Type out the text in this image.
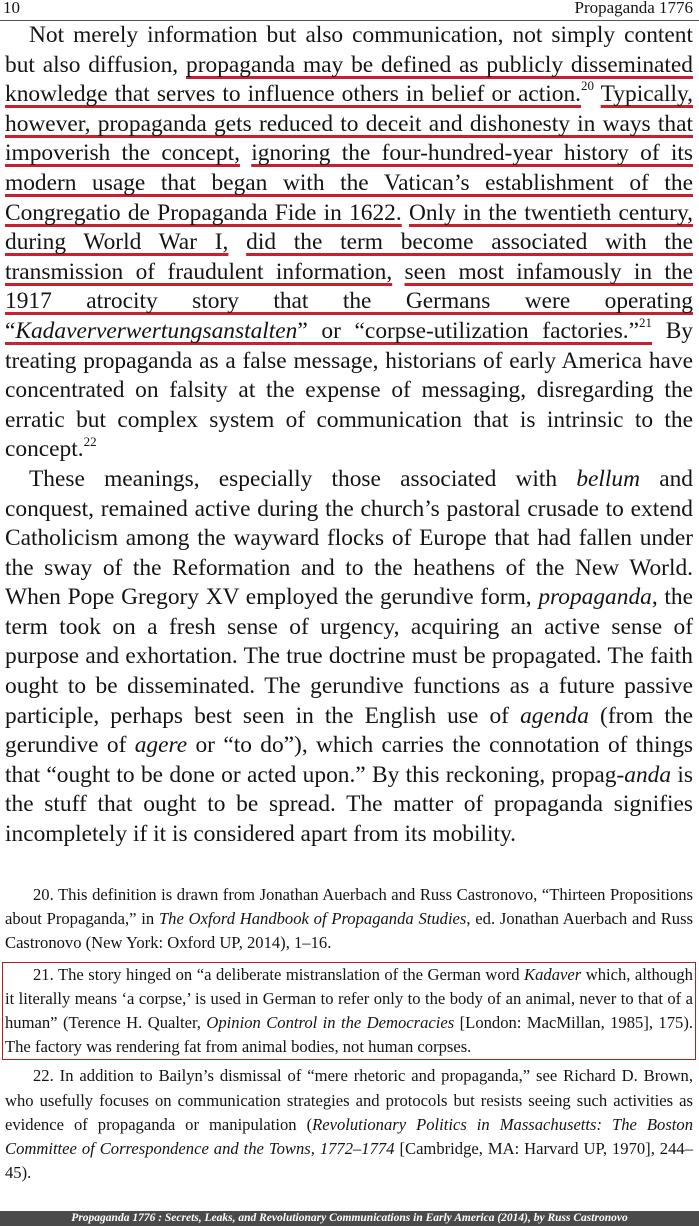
10	Propaganda 1776

Not merely information but also communication, not simply content but also diffusion, propaganda may be defined as publicly disseminated knowledge that serves to influence others in belief or action.$^{20}$ Typically, however, propaganda gets reduced to deceit and dishonesty in ways that impoverish the concept, ignoring the four-hundred-year history of its modern usage that began with the Vatican’s establishment of the Congregatio de Propaganda Fide in 1622. Only in the twentieth century, during World War I, did the term become associated with the transmission of fraudulent information, seen most infamously in the 1917 atrocity story that the Germans were operating “Kadaververwertungsanstalten” or “corpse-utilization factories.”$^{21}$ By treating propaganda as a false message, historians of early America have concentrated on falsity at the expense of messaging, disregarding the erratic but complex system of communication that is intrinsic to the concept.$^{22}$

These meanings, especially those associated with bellum and conquest, remained active during the church’s pastoral crusade to extend Catholicism among the wayward flocks of Europe that had fallen under the sway of the Reformation and to the heathens of the New World. When Pope Gregory XV employed the gerundive form, propaganda, the term took on a fresh sense of urgency, acquiring an active sense of purpose and exhortation. The true doctrine must be propagated. The faith ought to be disseminated. The gerundive functions as a future passive participle, perhaps best seen in the English use of agenda (from the gerundive of agere or “to do”), which carries the connotation of things that “ought to be done or acted upon.” By this reckoning, propag-anda is the stuff that ought to be spread. The matter of propaganda signifies incompletely if it is considered apart from its mobility.

20. This definition is drawn from Jonathan Auerbach and Russ Castronovo, “Thirteen Propositions about Propaganda,” in The Oxford Handbook of Propaganda Studies, ed. Jonathan Auerbach and Russ Castronovo (New York: Oxford UP, 2014), 1–16.

21. The story hinged on “a deliberate mistranslation of the German word Kadaver which, although it literally means ‘a corpse,’ is used in German to refer only to the body of an animal, never to that of a human” (Terence H. Qualter, Opinion Control in the Democracies [London: MacMillan, 1985], 175). The factory was rendering fat from animal bodies, not human corpses.

22. In addition to Bailyn’s dismissal of “mere rhetoric and propaganda,” see Richard D. Brown, who usefully focuses on communication strategies and protocols but resists seeing such activities as evidence of propaganda or manipulation (Revolutionary Politics in Massachusetts: The Boston Committee of Correspondence and the Towns, 1772–1774 [Cambridge, MA: Harvard UP, 1970], 244–45).

Propaganda 1776 : Secrets, Leaks, and Revolutionary Communications in Early America (2014), by Russ Castronovo
